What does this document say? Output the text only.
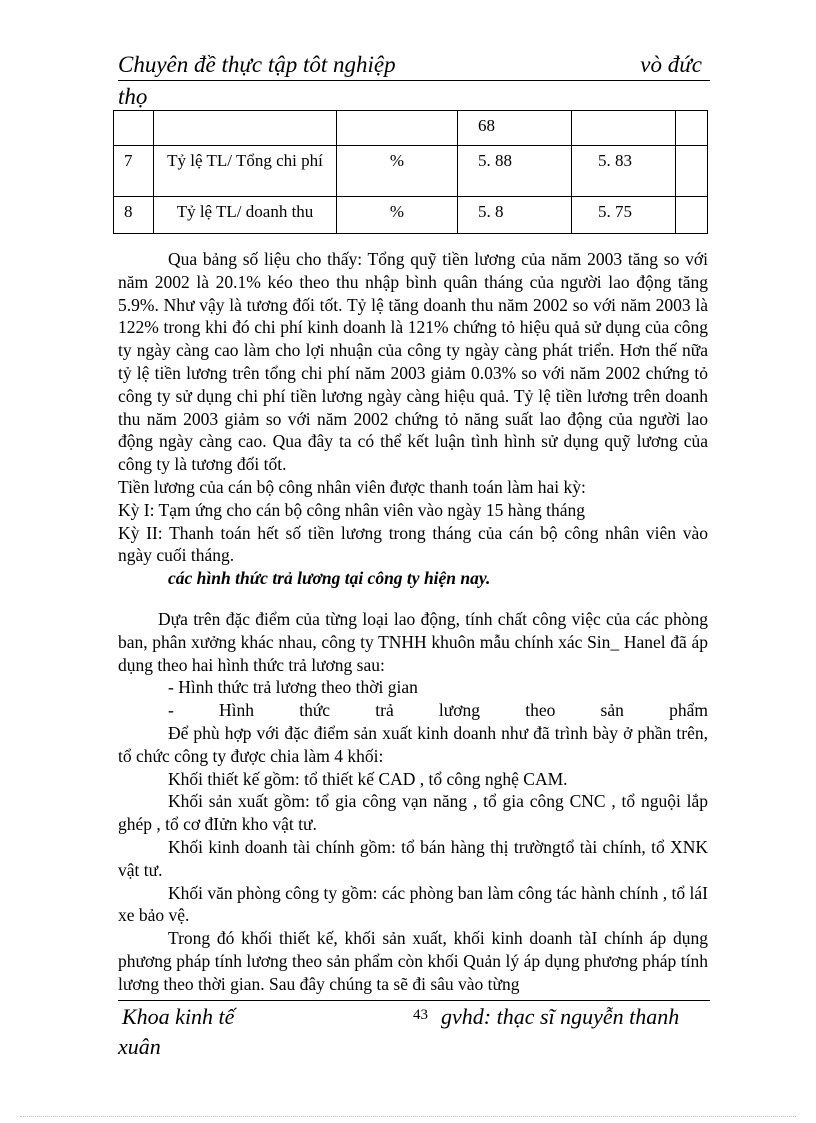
Chuyên đề thực tập tôt nghiệp	vò đức
thọ
			68		
7	Tỷ lệ TL/ Tổng chi phí	%	5. 88	5. 83	
8	Tỷ lệ TL/ doanh thu	%	5. 8	5. 75	

Qua bảng số liệu cho thấy: Tổng quỹ tiền lương của năm 2003 tăng so với năm 2002 là 20.1% kéo theo thu nhập bình quân tháng của người lao động tăng 5.9%. Như vậy là tương đối tốt. Tỷ lệ tăng doanh thu năm 2002 so với năm 2003 là 122% trong khi đó chi phí kinh doanh là 121% chứng tỏ hiệu quả sử dụng của công ty ngày càng cao làm cho lợi nhuận của công ty ngày càng phát triển. Hơn thế nữa tỷ lệ tiền lương trên tổng chi phí năm 2003 giảm 0.03% so với năm 2002 chứng tỏ công ty sử dụng chi phí tiền lương ngày càng hiệu quả. Tỷ lệ tiền lương trên doanh thu năm 2003 giảm so với năm 2002 chứng tỏ năng suất lao động của người lao động ngày càng cao. Qua đây ta có thể kết luận tình hình sử dụng quỹ lương của công ty là tương đối tốt.

Tiền lương của cán bộ công nhân viên được thanh toán làm hai kỳ:

Kỳ I: Tạm ứng cho cán bộ công nhân viên vào ngày 15 hàng tháng

Kỳ II: Thanh toán hết số tiền lương trong tháng của cán bộ công nhân viên vào ngày cuối tháng.

các hình thức trả lương tại công ty hiện nay.

Dựa trên đặc điểm của từng loại lao động, tính chất công việc của các phòng ban, phân xưởng khác nhau, công ty TNHH khuôn mẫu chính xác Sin_ Hanel đã áp dụng theo hai hình thức trả lương sau:

- Hình thức trả lương theo thời gian

-	Hình	thức	trả	lương	theo	sản	phẩm

Để phù hợp với đặc điểm sản xuất kinh doanh như đã trình bày ở phần trên, tổ chức công ty được chia làm 4 khối:

Khối thiết kế gồm: tổ thiết kế CAD , tổ công nghệ CAM.

Khối sản xuất gồm: tổ gia công vạn năng , tổ gia công CNC , tổ nguội lắp ghép , tổ cơ đIửn kho vật tư.

Khối kinh doanh tài chính gồm: tổ bán hàng thị trườngtổ tài chính, tổ XNK vật tư.

Khối văn phòng công ty gồm: các phòng ban làm công tác hành chính , tổ láI xe bảo vệ.

Trong đó khối thiết kế, khối sản xuất, khối kinh doanh tàI chính áp dụng phương pháp tính lương theo sản phẩm còn khối Quản lý áp dụng phương pháp tính lương theo thời gian. Sau đây chúng ta sẽ đi sâu vào từng

Khoa kinh tế	43 gvhd: thạc sĩ nguyễn thanh
xuân
